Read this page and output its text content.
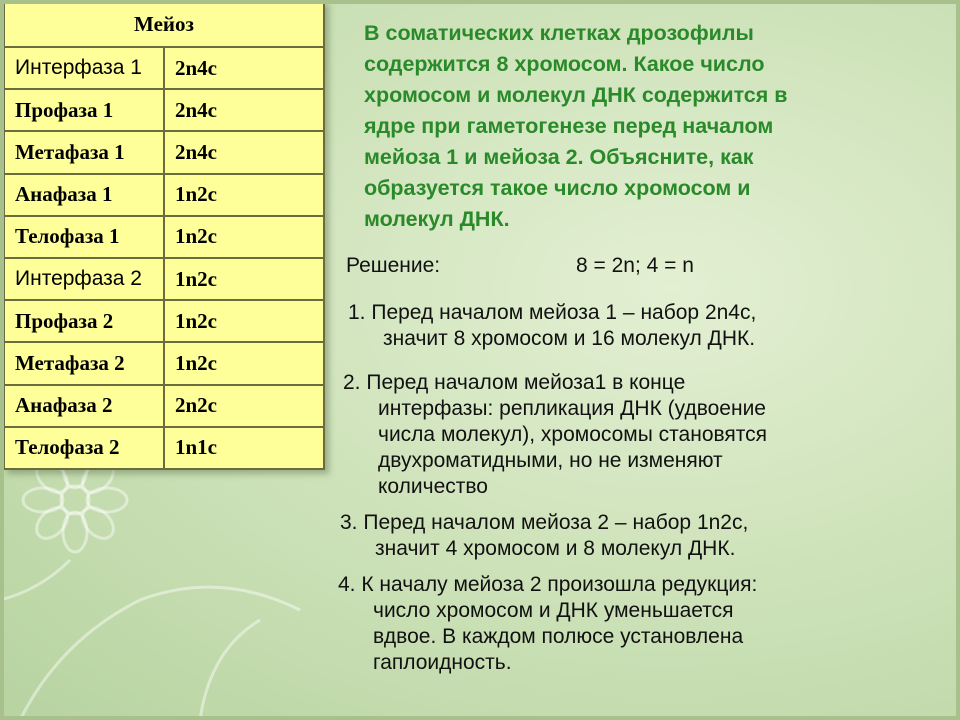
Мейоз	
Интерфаза 1	2n4c
Профаза 1	2n4c
Метафаза 1	2n4c
Анафаза 1	1n2c
Телофаза 1	1n2c
Интерфаза 2	1n2c
Профаза 2	1n2c
Метафаза 2	1n2c
Анафаза 2	2n2c
Телофаза 2	1n1c

В соматических клетках дрозофилы
содержится 8 хромосом. Какое число
хромосом и молекул ДНК содержится в
ядре при гаметогенезе перед началом
мейоза 1 и мейоза 2. Объясните, как
образуется такое число хромосом и
молекул ДНК.

Решение:	8 = 2n; 4 = n

1. Перед началом мейоза 1 – набор 2n4c,
значит 8 хромосом и 16 молекул ДНК.

2. Перед началом мейоза1 в конце
интерфазы: репликация ДНК (удвоение
числа молекул), хромосомы становятся
двухроматидными, но не изменяют
количество

3. Перед началом мейоза 2 – набор 1n2c,
значит 4 хромосом и 8 молекул ДНК.

4. К началу мейоза 2 произошла редукция:
число хромосом и ДНК уменьшается
вдвое. В каждом полюсе установлена
гаплоидность.
